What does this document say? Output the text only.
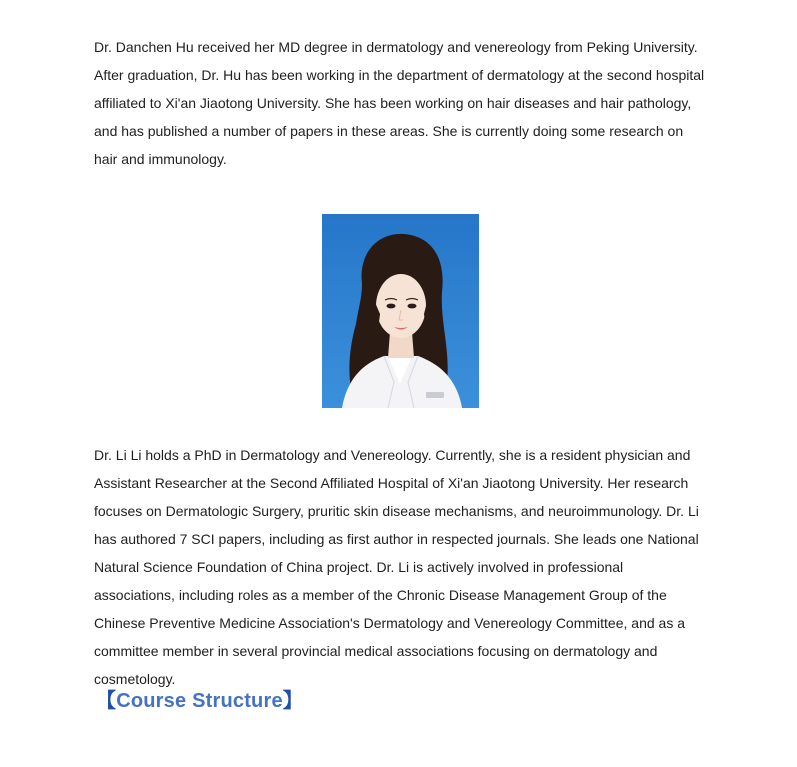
Dr. Danchen Hu received her MD degree in dermatology and venereology from Peking University. After graduation, Dr. Hu has been working in the department of dermatology at the second hospital affiliated to Xi'an Jiaotong University. She has been working on hair diseases and hair pathology, and has published a number of papers in these areas. She is currently doing some research on hair and immunology.

Dr. Li Li holds a PhD in Dermatology and Venereology. Currently, she is a resident physician and Assistant Researcher at the Second Affiliated Hospital of Xi'an Jiaotong University. Her research focuses on Dermatologic Surgery, pruritic skin disease mechanisms, and neuroimmunology. Dr. Li has authored 7 SCI papers, including as first author in respected journals. She leads one National Natural Science Foundation of China project. Dr. Li is actively involved in professional associations, including roles as a member of the Chronic Disease Management Group of the Chinese Preventive Medicine Association's Dermatology and Venereology Committee, and as a committee member in several provincial medical associations focusing on dermatology and cosmetology.

【Course Structure】
